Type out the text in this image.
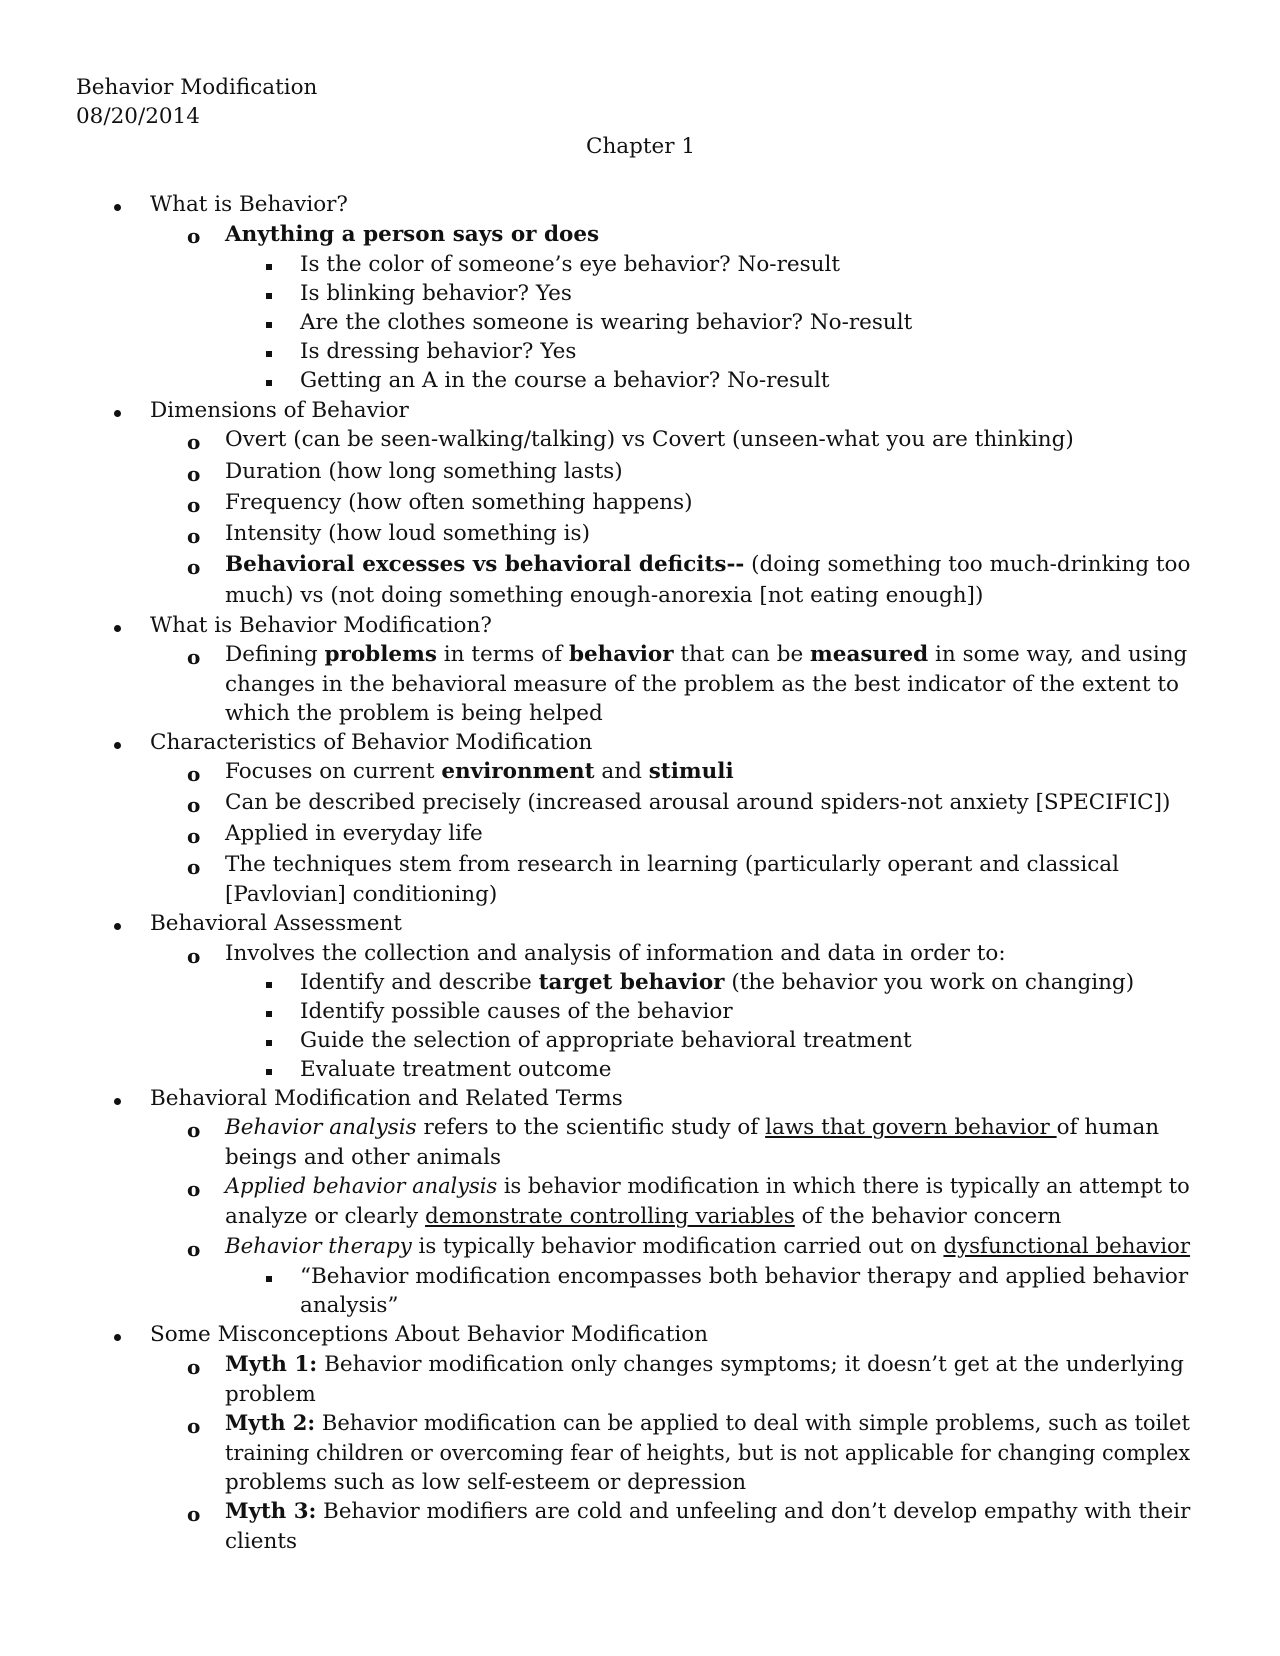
Behavior Modification
08/20/2014
Chapter 1
What is Behavior?
o Anything a person says or does
Is the color of someone’s eye behavior? No-result
Is blinking behavior? Yes
Are the clothes someone is wearing behavior? No-result
Is dressing behavior? Yes
Getting an A in the course a behavior? No-result
Dimensions of Behavior
o Overt (can be seen-walking/talking) vs Covert (unseen-what you are thinking)
o Duration (how long something lasts)
o Frequency (how often something happens)
o Intensity (how loud something is)
o Behavioral excesses vs behavioral deficits-- (doing something too much-drinking too
much) vs (not doing something enough-anorexia [not eating enough])
What is Behavior Modification?
o Defining problems in terms of behavior that can be measured in some way, and using
changes in the behavioral measure of the problem as the best indicator of the extent to
which the problem is being helped
Characteristics of Behavior Modification
o Focuses on current environment and stimuli
o Can be described precisely (increased arousal around spiders-not anxiety [SPECIFIC])
o Applied in everyday life
o The techniques stem from research in learning (particularly operant and classical
[Pavlovian] conditioning)
Behavioral Assessment
o Involves the collection and analysis of information and data in order to:
Identify and describe target behavior (the behavior you work on changing)
Identify possible causes of the behavior
Guide the selection of appropriate behavioral treatment
Evaluate treatment outcome
Behavioral Modification and Related Terms
o Behavior analysis refers to the scientific study of laws that govern behavior of human
beings and other animals
o Applied behavior analysis is behavior modification in which there is typically an attempt to
analyze or clearly demonstrate controlling variables of the behavior concern
o Behavior therapy is typically behavior modification carried out on dysfunctional behavior
“Behavior modification encompasses both behavior therapy and applied behavior
analysis”
Some Misconceptions About Behavior Modification
o Myth 1: Behavior modification only changes symptoms; it doesn’t get at the underlying
problem
o Myth 2: Behavior modification can be applied to deal with simple problems, such as toilet
training children or overcoming fear of heights, but is not applicable for changing complex
problems such as low self-esteem or depression
o Myth 3: Behavior modifiers are cold and unfeeling and don’t develop empathy with their
clients
